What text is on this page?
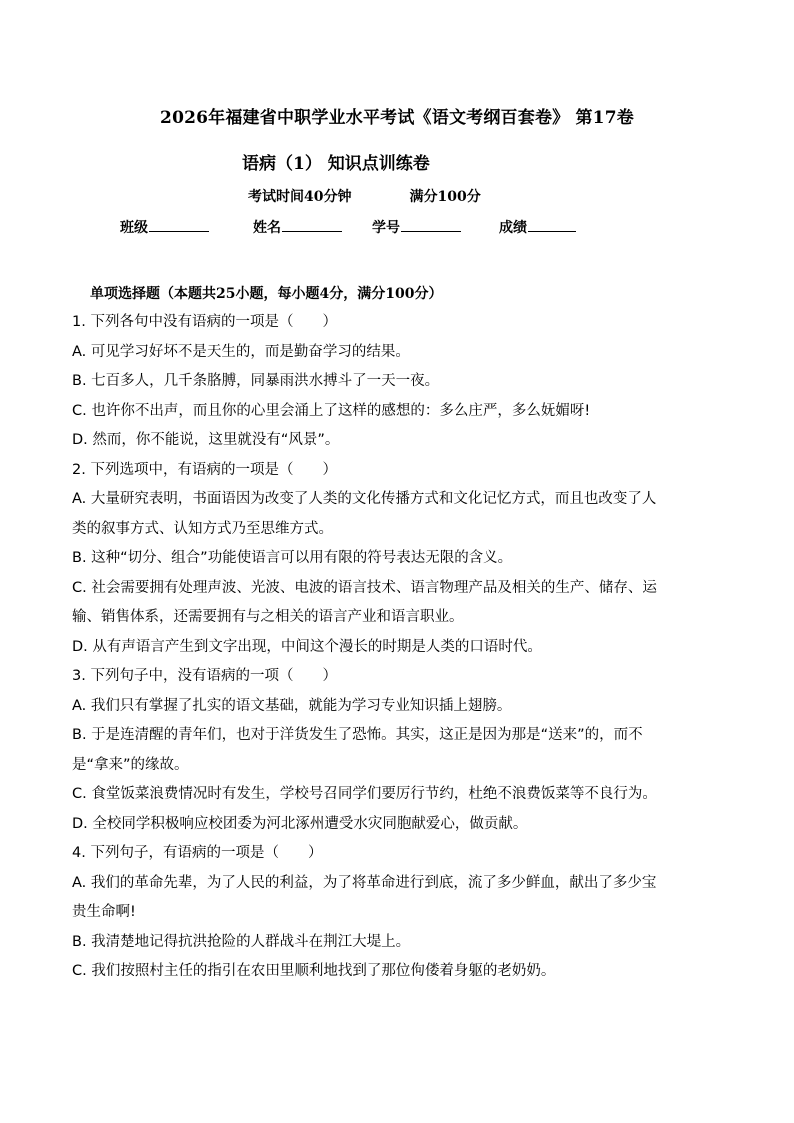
2026年福建省中职学业水平考试《语文考纲百套卷》 第17卷
语病（1） 知识点训练卷
考试时间40分钟	满分100分
班级	姓名	学号	成绩
单项选择题（本题共25小题，每小题4分，满分100分）
1. 下列各句中没有语病的一项是（　　）
A. 可见学习好坏不是天生的，而是勤奋学习的结果。
B. 七百多人，几千条胳膊，同暴雨洪水搏斗了一天一夜。
C. 也许你不出声，而且你的心里会涌上了这样的感想的：多么庄严，多么妩媚呀!
D. 然而，你不能说，这里就没有“风景”。
2. 下列选项中，有语病的一项是（　　）
A. 大量研究表明，书面语因为改变了人类的文化传播方式和文化记忆方式，而且也改变了人
类的叙事方式、认知方式乃至思维方式。
B. 这种“切分、组合”功能使语言可以用有限的符号表达无限的含义。
C. 社会需要拥有处理声波、光波、电波的语言技术、语言物理产品及相关的生产、储存、运
输、销售体系，还需要拥有与之相关的语言产业和语言职业。
D. 从有声语言产生到文字出现，中间这个漫长的时期是人类的口语时代。
3. 下列句子中，没有语病的一项（　　）
A. 我们只有掌握了扎实的语文基础，就能为学习专业知识插上翅膀。
B. 于是连清醒的青年们，也对于洋货发生了恐怖。其实，这正是因为那是“送来”的，而不
是“拿来”的缘故。
C. 食堂饭菜浪费情况时有发生，学校号召同学们要厉行节约，杜绝不浪费饭菜等不良行为。
D. 全校同学积极响应校团委为河北涿州遭受水灾同胞献爱心，做贡献。
4. 下列句子，有语病的一项是（　　）
A. 我们的革命先辈，为了人民的利益，为了将革命进行到底，流了多少鲜血，献出了多少宝
贵生命啊!
B. 我清楚地记得抗洪抢险的人群战斗在荆江大堤上。
C. 我们按照村主任的指引在农田里顺利地找到了那位佝偻着身躯的老奶奶。
